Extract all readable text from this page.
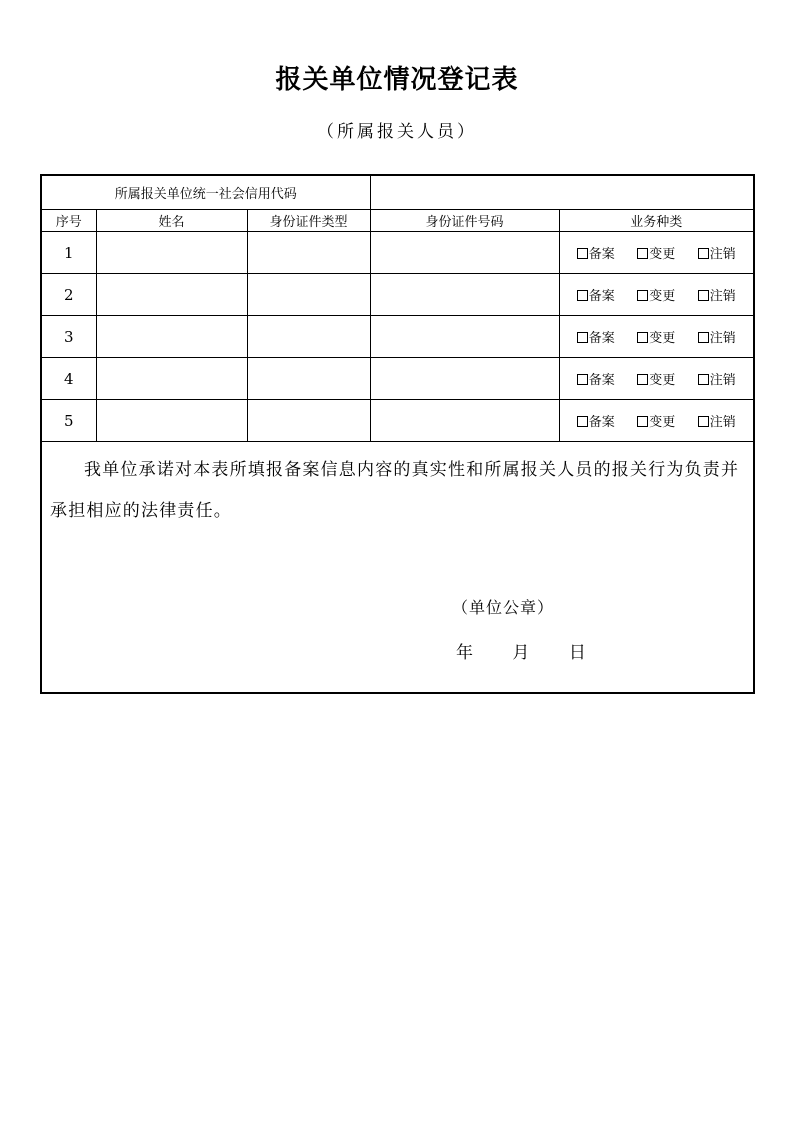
报关单位情况登记表
（所属报关人员）
所属报关单位统一社会信用代码				
序号	姓名	身份证件类型	身份证件号码	业务种类
1				备案 变更 注销

2				备案 变更 注销

3				备案 变更 注销

4				备案 变更 注销

5				备案 变更 注销

我单位承诺对本表所填报备案信息内容的真实性和所属报关人员的报关行为负责并承担相应的法律责任。
（单位公章）
年 月 日				
